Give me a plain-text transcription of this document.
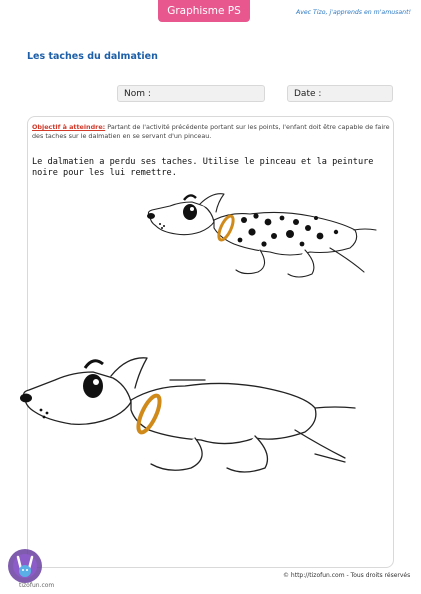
Graphisme PS	Avec Tizo, j'apprends en m'amusant!
Les taches du dalmatien
Nom :	Date :
Objectif à atteindre: Partant de l'activité précédente portant sur les points, l'enfant doit être capable de faire des taches sur le dalmatien en se servant d'un pinceau.
Le dalmatien a perdu ses taches. Utilise le pinceau et la peinture noire pour les lui remettre.
© http://tizofun.com - Tous droits réservés
tizofun.com
